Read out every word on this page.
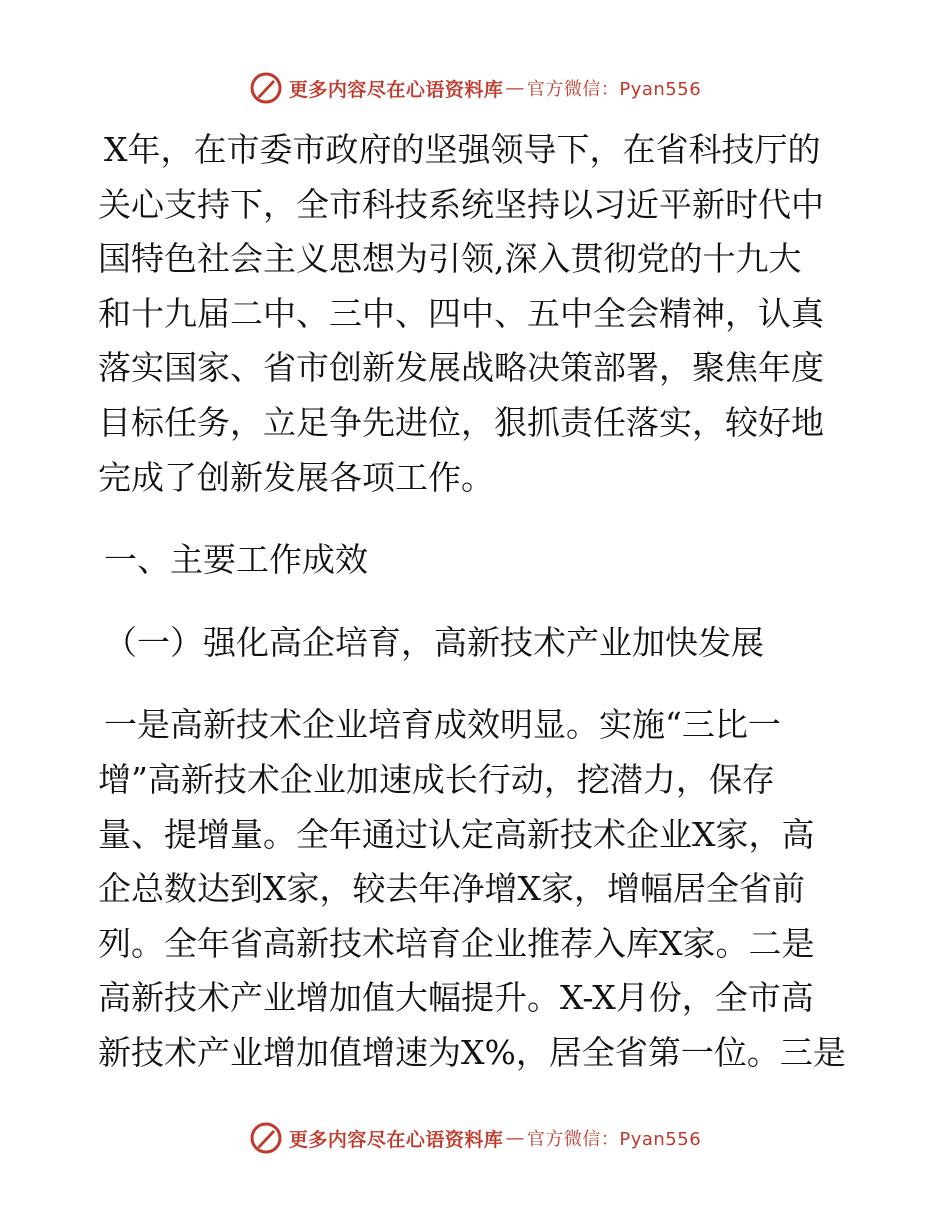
更多内容尽在心语资料库 — 官方微信：Pyan556
X年，在市委市政府的坚强领导下，在省科技厅的
关心支持下，全市科技系统坚持以习近平新时代中
国特色社会主义思想为引领,深入贯彻党的十九大
和十九届二中、三中、四中、五中全会精神，认真
落实国家、省市创新发展战略决策部署，聚焦年度
目标任务，立足争先进位，狠抓责任落实，较好地
完成了创新发展各项工作。
一、主要工作成效
（一）强化高企培育，高新技术产业加快发展
一是高新技术企业培育成效明显。实施“三比一
增”高新技术企业加速成长行动，挖潜力，保存
量、提增量。全年通过认定高新技术企业X家，高
企总数达到X家，较去年净增X家，增幅居全省前
列。全年省高新技术培育企业推荐入库X家。二是
高新技术产业增加值大幅提升。X-X月份，全市高
新技术产业增加值增速为X%，居全省第一位。三是
更多内容尽在心语资料库 — 官方微信：Pyan556
